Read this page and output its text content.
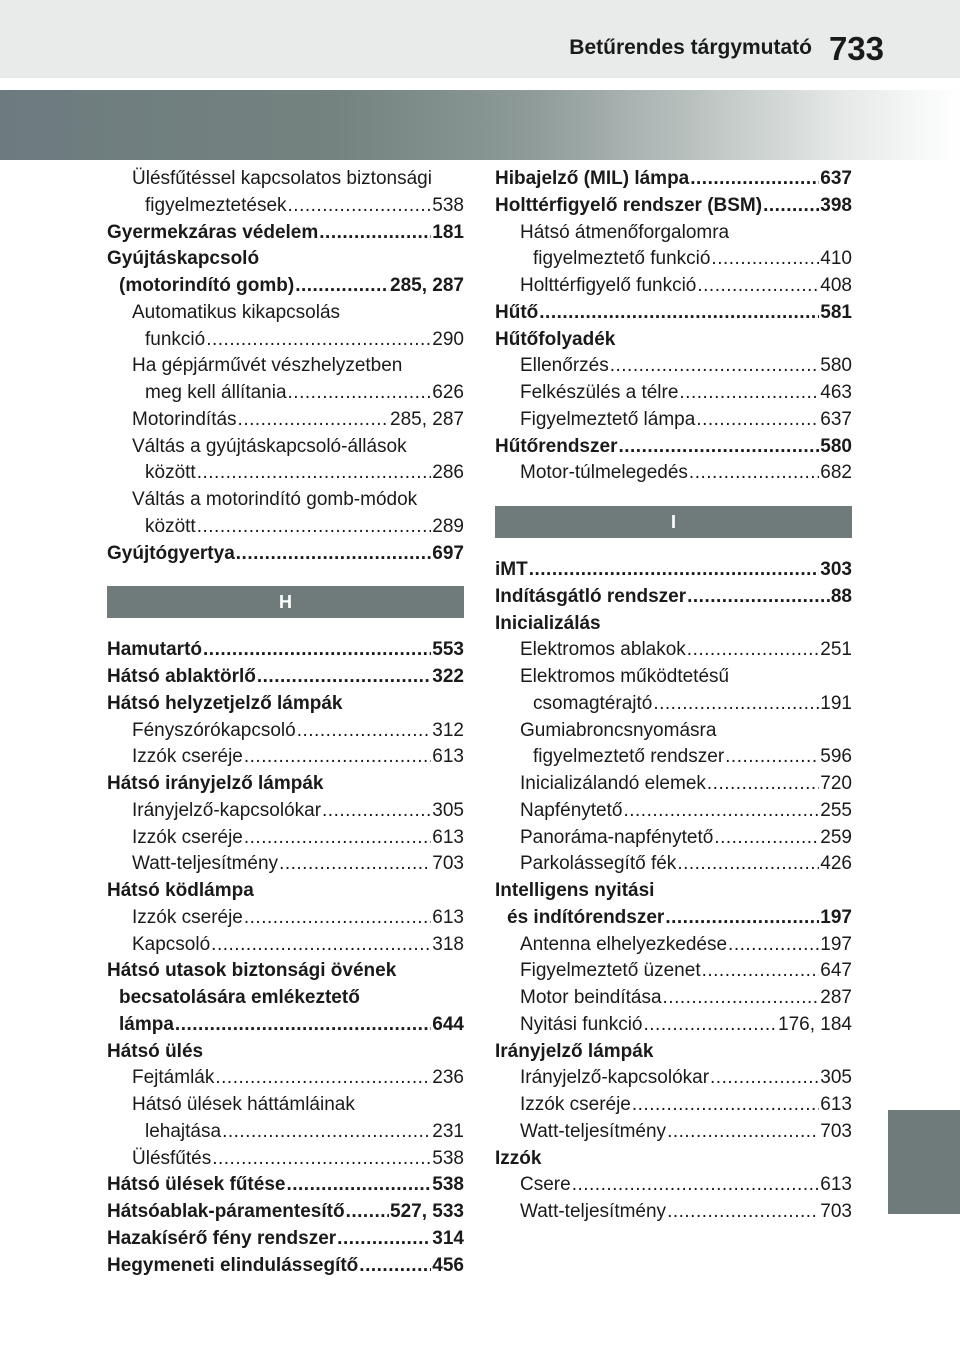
Betűrendes tárgymutató 733
Ülésfűtéssel kapcsolatos biztonsági
figyelmeztetések .....	538
Gyermekzáras védelem .....	181
Gyújtáskapcsoló
(motorindító gomb) .....	285, 287
Automatikus kikapcsolás
funkció .....	290
Ha gépjárművét vészhelyzetben
meg kell állítania .....	626
Motorindítás .....	285, 287
Váltás a gyújtáskapcsoló-állások
között .....	286
Váltás a motorindító gomb-módok
között .....	289
Gyújtógyertya .....	697
H
Hamutartó .....	553
Hátsó ablaktörlő .....	322
Hátsó helyzetjelző lámpák
Fényszórókapcsoló .....	312
Izzók cseréje .....	613
Hátsó irányjelző lámpák
Irányjelző-kapcsolókar .....	305
Izzók cseréje .....	613
Watt-teljesítmény .....	703
Hátsó ködlámpa
Izzók cseréje .....	613
Kapcsoló .....	318
Hátsó utasok biztonsági övének
becsatolására emlékeztető
lámpa .....	644
Hátsó ülés
Fejtámlák .....	236
Hátsó ülések háttámláinak
lehajtása .....	231
Ülésfűtés .....	538
Hátsó ülések fűtése .....	538
Hátsóablak-páramentesítő ..... 527, 533
Hazakísérő fény rendszer .....	314
Hegymeneti elindulássegítő .....	456
Hibajelző (MIL) lámpa .....	637
Holttérfigyelő rendszer (BSM) .....	398
Hátsó átmenőforgalomra
figyelmeztető funkció .....	410
Holttérfigyelő funkció .....	408
Hűtő .....	581
Hűtőfolyadék
Ellenőrzés .....	580
Felkészülés a télre .....	463
Figyelmeztető lámpa .....	637
Hűtőrendszer .....	580
Motor-túlmelegedés .....	682
I
iMT .....	303
Indításgátló rendszer .....	88
Inicializálás
Elektromos ablakok .....	251
Elektromos működtetésű
csomagtérajtó .....	191
Gumiabroncsnyomásra
figyelmeztető rendszer .....	596
Inicializálandó elemek .....	720
Napfénytető .....	255
Panoráma-napfénytető .....	259
Parkolássegítő fék .....	426
Intelligens nyitási
és indítórendszer .....	197
Antenna elhelyezkedése .....	197
Figyelmeztető üzenet .....	647
Motor beindítása .....	287
Nyitási funkció .....	176, 184
Irányjelző lámpák
Irányjelző-kapcsolókar .....	305
Izzók cseréje .....	613
Watt-teljesítmény .....	703
Izzók
Csere .....	613
Watt-teljesítmény .....	703
